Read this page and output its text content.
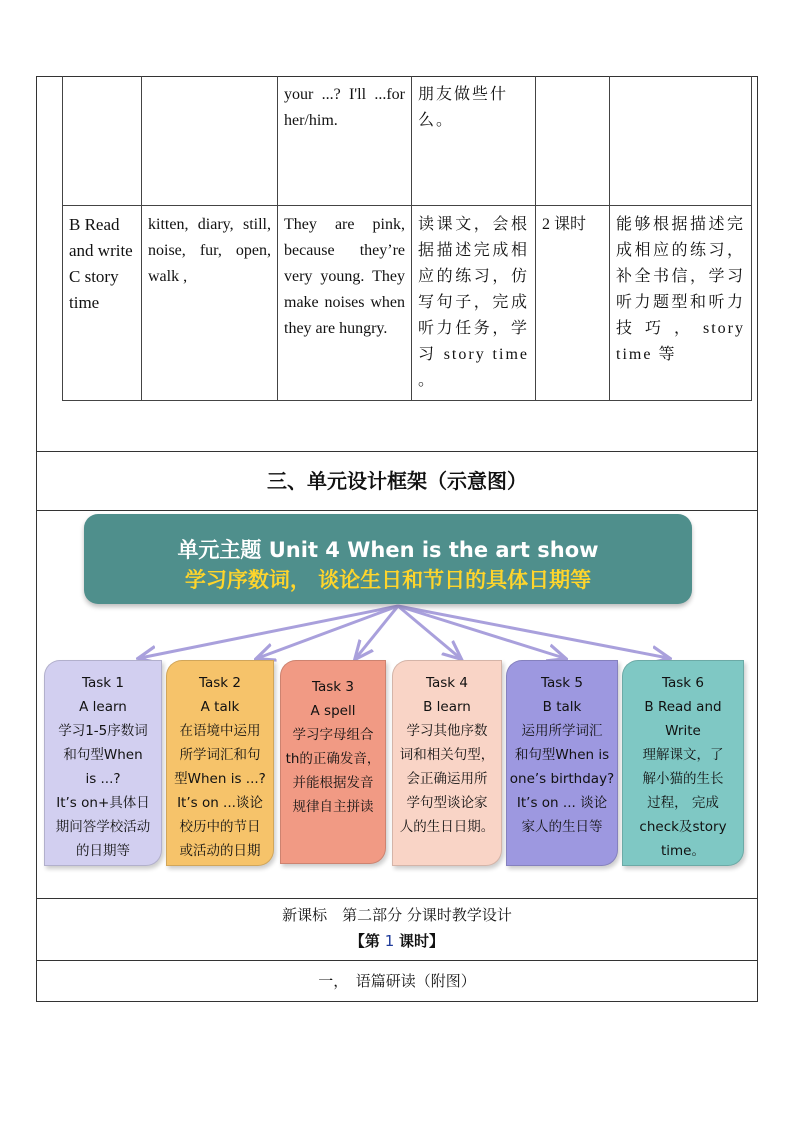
		your ...? I'll ...for her/him.	朋友做些什么。		
B Read and write C story time	kitten, diary, still, noise, fur, open, walk ,	They are pink, because they’re very young. They make noises when they are hungry.	读课文，会根据描述完成相应的练习，仿写句子，完成听力任务，学习 story time 。	2 课时	能够根据描述完成相应的练习，补全书信，学习听力题型和听力技巧，story time 等
三、单元设计框架（示意图）
单元主题 Unit 4 When is the art show
学习序数词， 谈论生日和节日的具体日期等
Task 1
A learn
学习1-5序数词
和句型When
is ...?
It’s on+具体日
期问答学校活动
的日期等
Task 2
A talk
在语境中运用
所学词汇和句
型When is ...?
It’s on ...谈论
校历中的节日
或活动的日期
Task 3
A spell
学习字母组合
th的正确发音，
并能根据发音
规律自主拼读
Task 4
B learn
学习其他序数
词和相关句型，
会正确运用所
学句型谈论家
人的生日日期。
Task 5
B talk
运用所学词汇
和句型When is
one’s birthday?
It’s on ... 谈论
家人的生日等
Task 6
B Read and
Write
理解课文，了
解小猫的生长
过程， 完成
check及story
time。
新课标　第二部分 分课时教学设计
【第 1 课时】
一，　语篇研读（附图）
